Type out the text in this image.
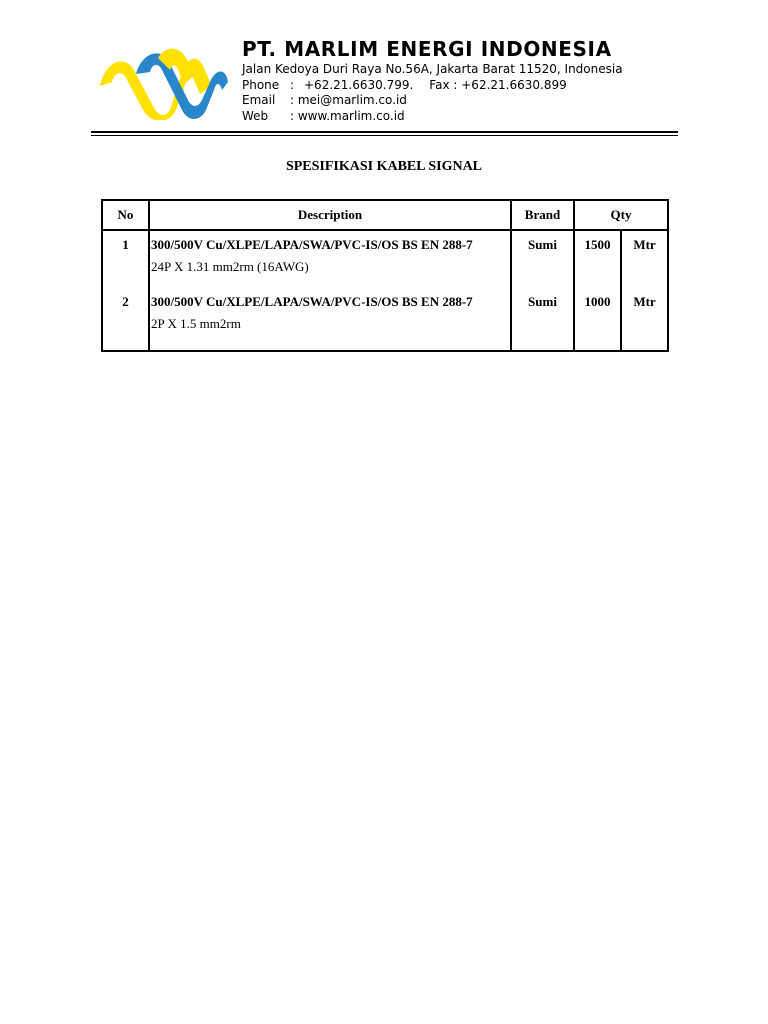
PT. MARLIM ENERGI INDONESIA
Jalan Kedoya Duri Raya No.56A, Jakarta Barat 11520, Indonesia
Phone : +62.21.6630.799. Fax :
+62.21.6630.899
Email	: mei@marlim.co.id
Web	: www.marlim.co.id
SPESIFIKASI KABEL SIGNAL
No	Description	Brand	Qty	
1	300/500V Cu/XLPE/LAPA/SWA/PVC-IS/OS BS EN 288-7
24P X 1.31 mm2rm (16AWG)	Sumi	1500	Mtr
2	300/500V Cu/XLPE/LAPA/SWA/PVC-IS/OS BS EN 288-7
2P X 1.5 mm2rm	Sumi	1000	Mtr
